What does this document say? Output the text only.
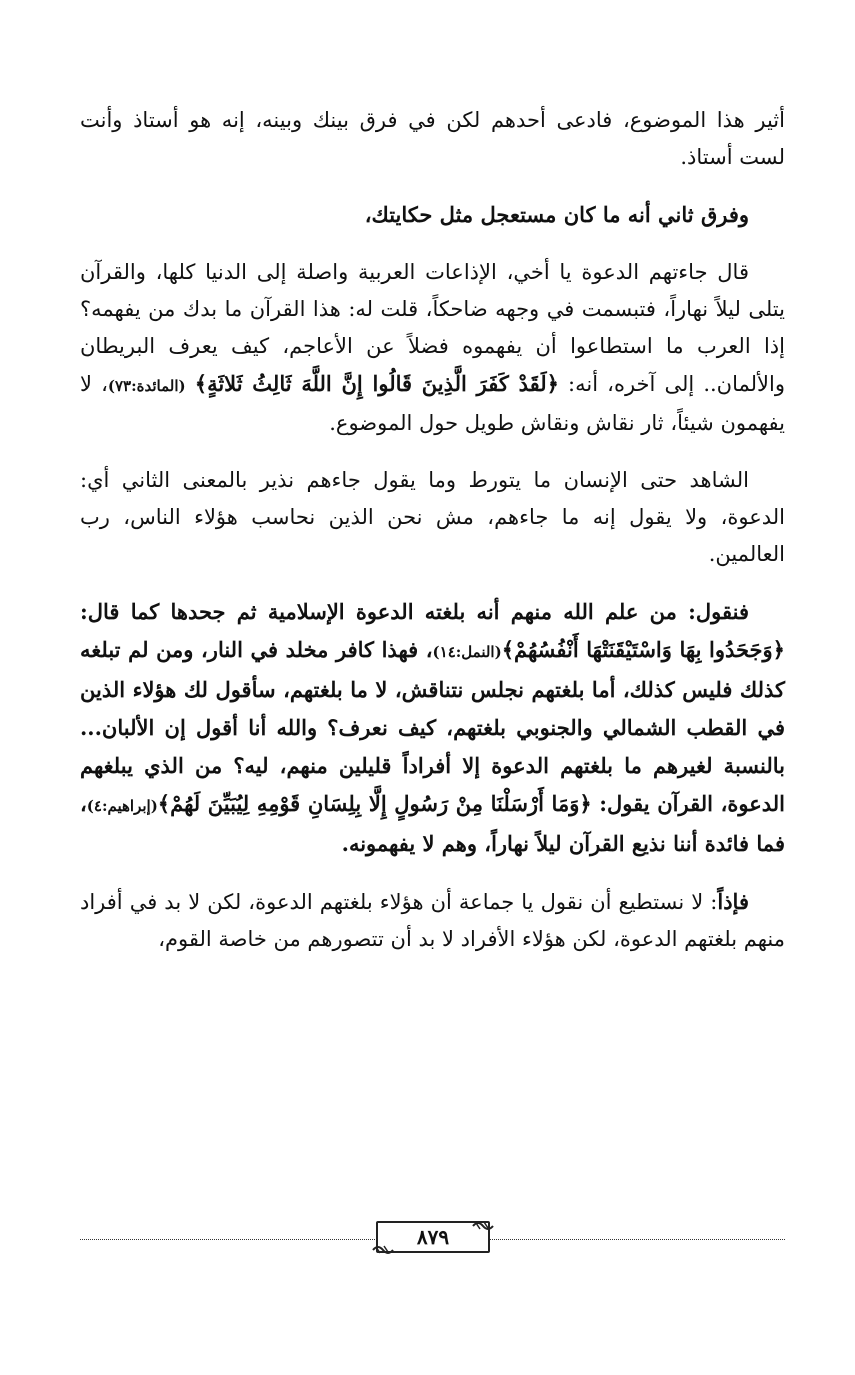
أثير هذا الموضوع، فادعى أحدهم لكن في فرق بينك وبينه، إنه هو أستاذ وأنت لست أستاذ.

وفرق ثاني أنه ما كان مستعجل مثل حكايتك،

قال جاءتهم الدعوة يا أخي، الإذاعات العربية واصلة إلى الدنيا كلها، والقرآن يتلى ليلاً نهاراً، فتبسمت في وجهه ضاحكاً، قلت له: هذا القرآن ما بدك من يفهمه؟ إذا العرب ما استطاعوا أن يفهموه فضلاً عن الأعاجم، كيف يعرف البريطان والألمان.. إلى آخره، أنه: ﴿لَقَدْ كَفَرَ الَّذِينَ قَالُوا إِنَّ اللَّهَ ثَالِثُ ثَلاثَةٍ﴾ (المائدة:٧٣)، لا يفهمون شيئاً، ثار نقاش ونقاش طويل حول الموضوع.

الشاهد حتى الإنسان ما يتورط وما يقول جاءهم نذير بالمعنى الثاني أي: الدعوة، ولا يقول إنه ما جاءهم، مش نحن الذين نحاسب هؤلاء الناس، رب العالمين.

فنقول: من علم الله منهم أنه بلغته الدعوة الإسلامية ثم جحدها كما قال: ﴿وَجَحَدُوا بِهَا وَاسْتَيْقَنَتْهَا أَنْفُسُهُمْ﴾(النمل:١٤)، فهذا كافر مخلد في النار، ومن لم تبلغه كذلك فليس كذلك، أما بلغتهم نجلس نتناقش، لا ما بلغتهم، سأقول لك هؤلاء الذين في القطب الشمالي والجنوبي بلغتهم، كيف نعرف؟ والله أنا أقول إن الألبان... بالنسبة لغيرهم ما بلغتهم الدعوة إلا أفراداً قليلين منهم، ليه؟ من الذي يبلغهم الدعوة، القرآن يقول: ﴿وَمَا أَرْسَلْنَا مِنْ رَسُولٍ إِلَّا بِلِسَانِ قَوْمِهِ لِيُبَيِّنَ لَهُمْ﴾(إبراهيم:٤)، فما فائدة أننا نذيع القرآن ليلاً نهاراً، وهم لا يفهمونه.

فإذاً: لا نستطيع أن نقول يا جماعة أن هؤلاء بلغتهم الدعوة، لكن لا بد في أفراد منهم بلغتهم الدعوة، لكن هؤلاء الأفراد لا بد أن تتصورهم من خاصة القوم،

٨٧٩
